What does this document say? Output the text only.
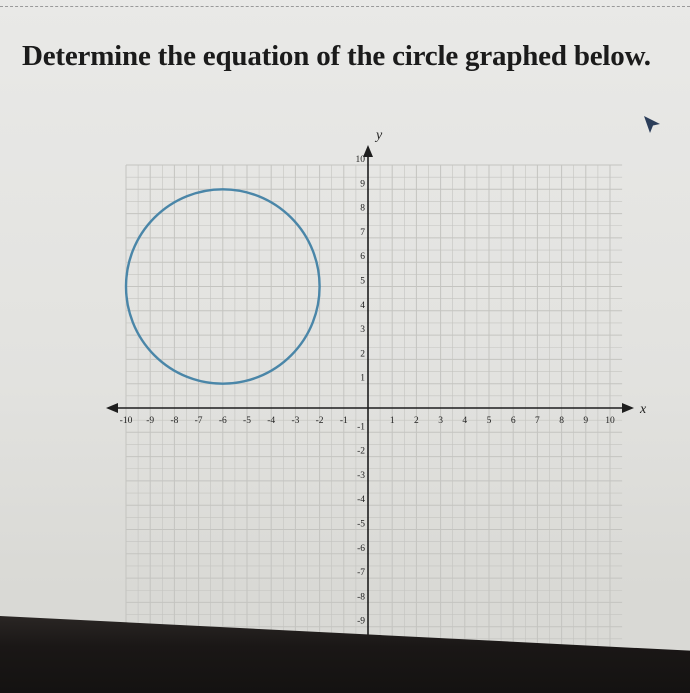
Determine the equation of the circle graphed below.
-10 -9 -8 -7 -6 -5 -4 -3 -2 -1	1 2 3 4 5 6 7 8 9 10
10
9
8
7
6
5
4
3
2
1
-1
-2
-3
-4
-5
-6
-7
-8
-9
x
y
